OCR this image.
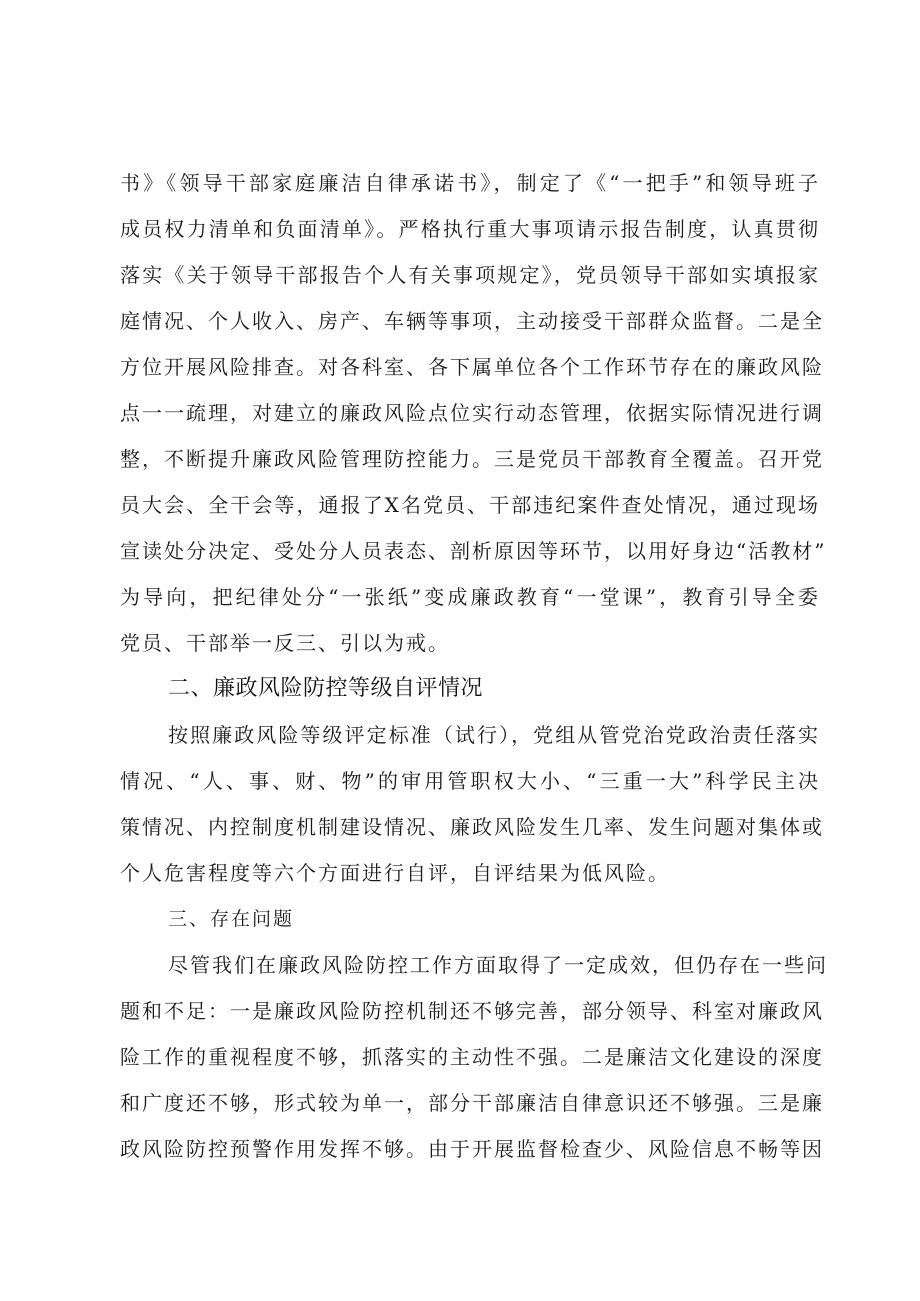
书》《领导干部家庭廉洁自律承诺书》，制定了《“一把手”和领导班子
成员权力清单和负面清单》。严格执行重大事项请示报告制度，认真贯彻
落实《关于领导干部报告个人有关事项规定》，党员领导干部如实填报家
庭情况、个人收入、房产、车辆等事项，主动接受干部群众监督。二是全
方位开展风险排查。对各科室、各下属单位各个工作环节存在的廉政风险
点一一疏理，对建立的廉政风险点位实行动态管理，依据实际情况进行调
整，不断提升廉政风险管理防控能力。三是党员干部教育全覆盖。召开党
员大会、全干会等，通报了X名党员、干部违纪案件查处情况，通过现场
宣读处分决定、受处分人员表态、剖析原因等环节，以用好身边“活教材”
为导向，把纪律处分“一张纸”变成廉政教育“一堂课”，教育引导全委
党员、干部举一反三、引以为戒。
二、廉政风险防控等级自评情况
按照廉政风险等级评定标准（试行），党组从管党治党政治责任落实
情况、“人、事、财、物”的审用管职权大小、“三重一大”科学民主决
策情况、内控制度机制建设情况、廉政风险发生几率、发生问题对集体或
个人危害程度等六个方面进行自评，自评结果为低风险。
三、存在问题
尽管我们在廉政风险防控工作方面取得了一定成效，但仍存在一些问
题和不足：一是廉政风险防控机制还不够完善，部分领导、科室对廉政风
险工作的重视程度不够，抓落实的主动性不强。二是廉洁文化建设的深度
和广度还不够，形式较为单一，部分干部廉洁自律意识还不够强。三是廉
政风险防控预警作用发挥不够。由于开展监督检查少、风险信息不畅等因
